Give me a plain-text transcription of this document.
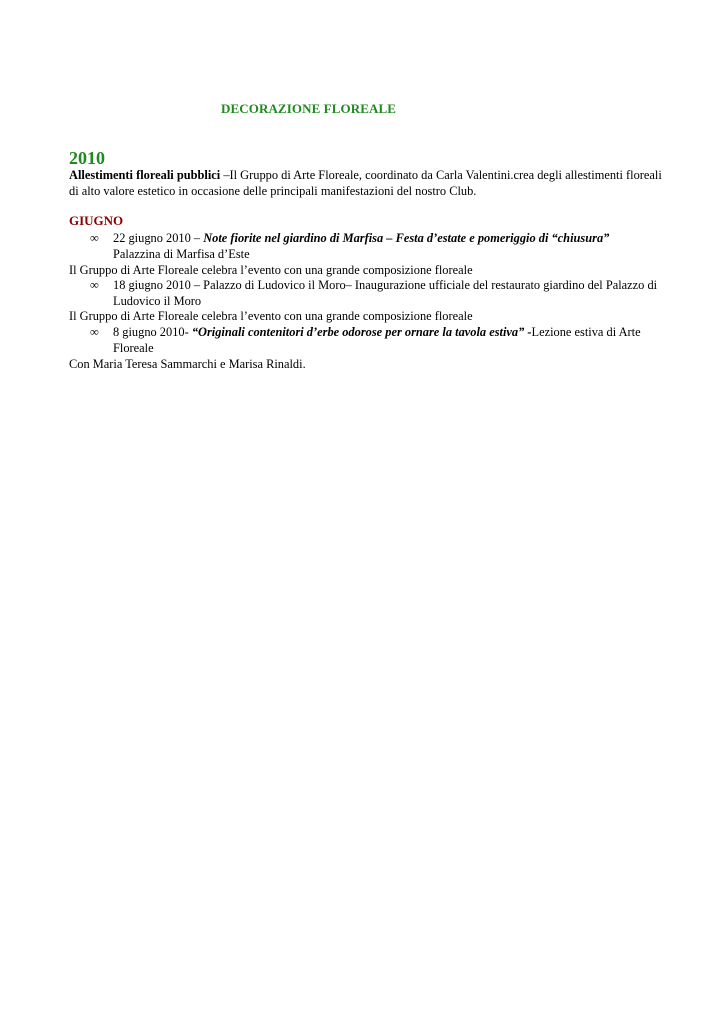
DECORAZIONE FLOREALE
2010
Allestimenti floreali pubblici –Il Gruppo di Arte Floreale, coordinato da Carla Valentini.crea degli allestimenti floreali di alto valore estetico in occasione delle principali manifestazioni del nostro Club.
GIUGNO
∞	22 giugno 2010 – Note fiorite nel giardino di Marfisa – Festa d’estate e pomeriggio di “chiusura”
Palazzina di Marfisa d’Este
Il Gruppo di Arte Floreale celebra l’evento con una grande composizione floreale
∞	18 giugno 2010 – Palazzo di Ludovico il Moro– Inaugurazione ufficiale del restaurato giardino del Palazzo di Ludovico il Moro
Il Gruppo di Arte Floreale celebra l’evento con una grande composizione floreale
∞	8 giugno 2010- “Originali contenitori d’erbe odorose per ornare la tavola estiva” -Lezione estiva di Arte Floreale
Con Maria Teresa Sammarchi e Marisa Rinaldi.
